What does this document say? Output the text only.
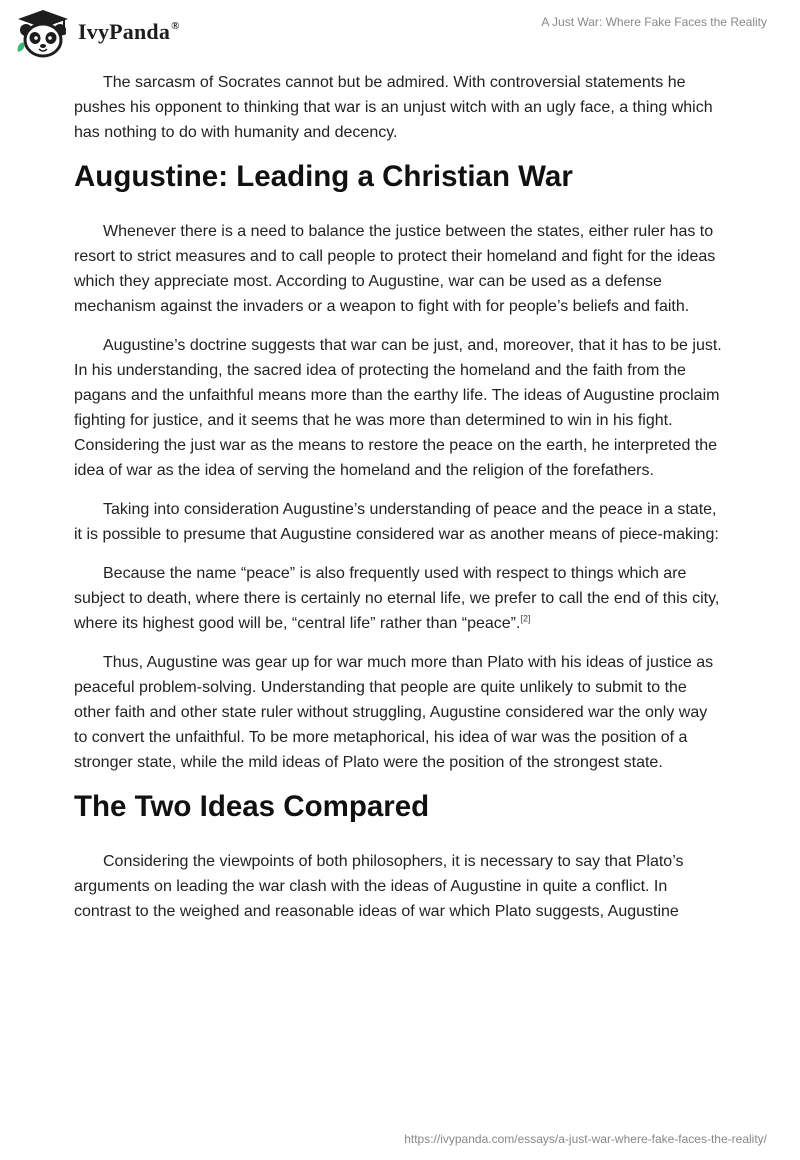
IvyPanda®	A Just War: Where Fake Faces the Reality

The sarcasm of Socrates cannot but be admired. With controversial statements he pushes his opponent to thinking that war is an unjust witch with an ugly face, a thing which has nothing to do with humanity and decency.

Augustine: Leading a Christian War

Whenever there is a need to balance the justice between the states, either ruler has to resort to strict measures and to call people to protect their homeland and fight for the ideas which they appreciate most. According to Augustine, war can be used as a defense mechanism against the invaders or a weapon to fight with for people’s beliefs and faith.

Augustine’s doctrine suggests that war can be just, and, moreover, that it has to be just. In his understanding, the sacred idea of protecting the homeland and the faith from the pagans and the unfaithful means more than the earthy life. The ideas of Augustine proclaim fighting for justice, and it seems that he was more than determined to win in his fight. Considering the just war as the means to restore the peace on the earth, he interpreted the idea of war as the idea of serving the homeland and the religion of the forefathers.

Taking into consideration Augustine’s understanding of peace and the peace in a state, it is possible to presume that Augustine considered war as another means of piece-making:

Because the name “peace” is also frequently used with respect to things which are subject to death, where there is certainly no eternal life, we prefer to call the end of this city, where its highest good will be, “central life” rather than “peace”.[2]

Thus, Augustine was gear up for war much more than Plato with his ideas of justice as peaceful problem-solving. Understanding that people are quite unlikely to submit to the other faith and other state ruler without struggling, Augustine considered war the only way to convert the unfaithful. To be more metaphorical, his idea of war was the position of a stronger state, while the mild ideas of Plato were the position of the strongest state.

The Two Ideas Compared

Considering the viewpoints of both philosophers, it is necessary to say that Plato’s arguments on leading the war clash with the ideas of Augustine in quite a conflict. In contrast to the weighed and reasonable ideas of war which Plato suggests, Augustine

https://ivypanda.com/essays/a-just-war-where-fake-faces-the-reality/
